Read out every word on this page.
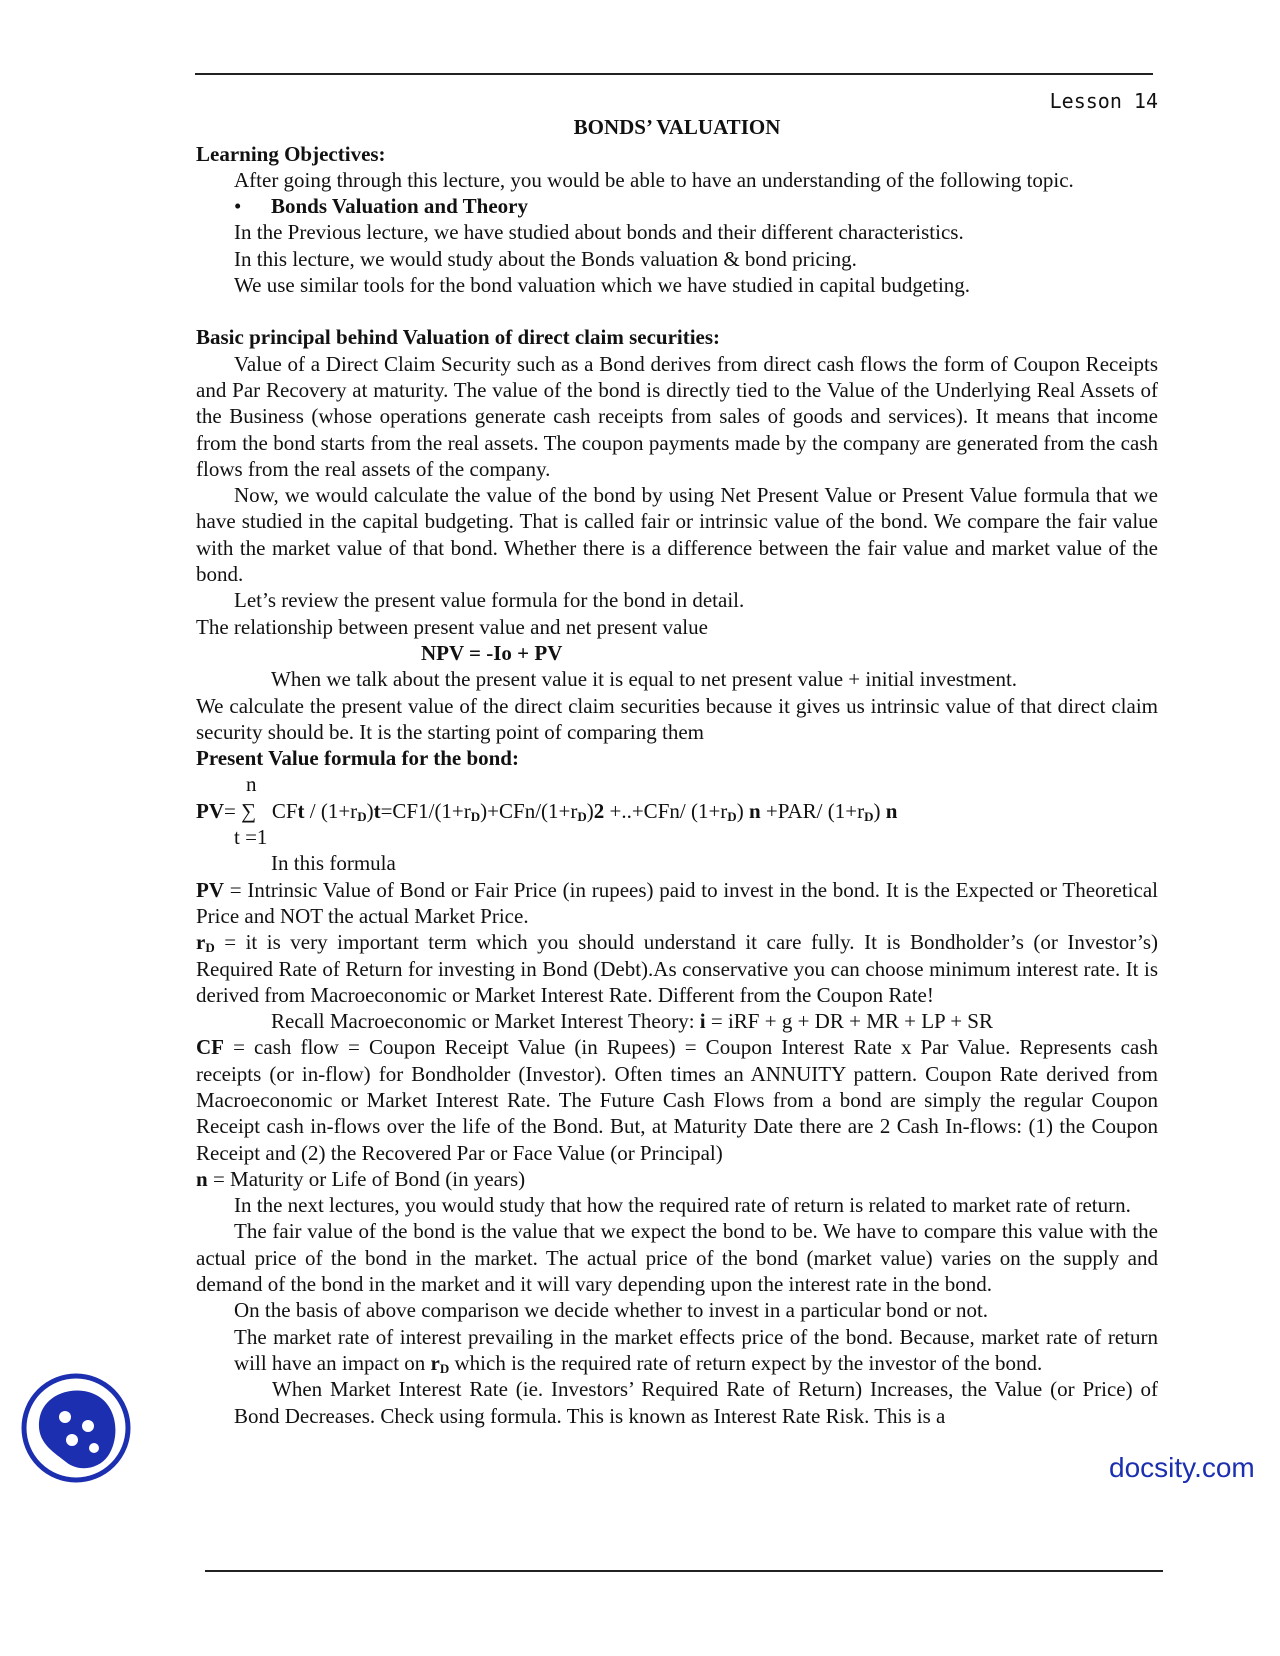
Lesson 14
BONDS’ VALUATION

Learning Objectives:

After going through this lecture, you would be able to have an understanding of the following topic.

• Bonds Valuation and Theory

In the Previous lecture, we have studied about bonds and their different characteristics.

In this lecture, we would study about the Bonds valuation & bond pricing.

We use similar tools for the bond valuation which we have studied in capital budgeting.

Basic principal behind Valuation of direct claim securities:

Value of a Direct Claim Security such as a Bond derives from direct cash flows the form of Coupon Receipts and Par Recovery at maturity. The value of the bond is directly tied to the Value of the Underlying Real Assets of the Business (whose operations generate cash receipts from sales of goods and services). It means that income from the bond starts from the real assets. The coupon payments made by the company are generated from the cash flows from the real assets of the company.

Now, we would calculate the value of the bond by using Net Present Value or Present Value formula that we have studied in the capital budgeting. That is called fair or intrinsic value of the bond. We compare the fair value with the market value of that bond. Whether there is a difference between the fair value and market value of the bond.

Let’s review the present value formula for the bond in detail.

The relationship between present value and net present value

NPV = -Io + PV

When we talk about the present value it is equal to net present value + initial investment.

We calculate the present value of the direct claim securities because it gives us intrinsic value of that direct claim security should be. It is the starting point of comparing them

Present Value formula for the bond:

n

PV= ∑ CFt / $(1+r_D)t=CF1/(1+r_D)+CFn/(1+r_D)2 +..+CFn/$ $(1+r_D)$ n +PAR/ $(1+r_D)$ n

t =1

In this formula

PV = Intrinsic Value of Bond or Fair Price (in rupees) paid to invest in the bond. It is the Expected or Theoretical Price and NOT the actual Market Price.

$r_D$ = it is very important term which you should understand it care fully. It is Bondholder’s (or Investor’s) Required Rate of Return for investing in Bond (Debt).As conservative you can choose minimum interest rate. It is derived from Macroeconomic or Market Interest Rate. Different from the Coupon Rate!

Recall Macroeconomic or Market Interest Theory: i = iRF + g + DR + MR + LP + SR

CF = cash flow = Coupon Receipt Value (in Rupees) = Coupon Interest Rate x Par Value. Represents cash receipts (or in-flow) for Bondholder (Investor). Often times an ANNUITY pattern. Coupon Rate derived from Macroeconomic or Market Interest Rate. The Future Cash Flows from a bond are simply the regular Coupon Receipt cash in-flows over the life of the Bond. But, at Maturity Date there are 2 Cash In-flows: (1) the Coupon Receipt and (2) the Recovered Par or Face Value (or Principal)

n = Maturity or Life of Bond (in years)

In the next lectures, you would study that how the required rate of return is related to market rate of return.

The fair value of the bond is the value that we expect the bond to be. We have to compare this value with the actual price of the bond in the market. The actual price of the bond (market value) varies on the supply and demand of the bond in the market and it will vary depending upon the interest rate in the bond.

On the basis of above comparison we decide whether to invest in a particular bond or not.

The market rate of interest prevailing in the market effects price of the bond. Because, market rate of return will have an impact on $r_D$ which is the required rate of return expect by the investor of the bond.

When Market Interest Rate (ie. Investors’ Required Rate of Return) Increases, the Value (or Price) of Bond Decreases. Check using formula. This is known as Interest Rate Risk. This is a

docsity.com
